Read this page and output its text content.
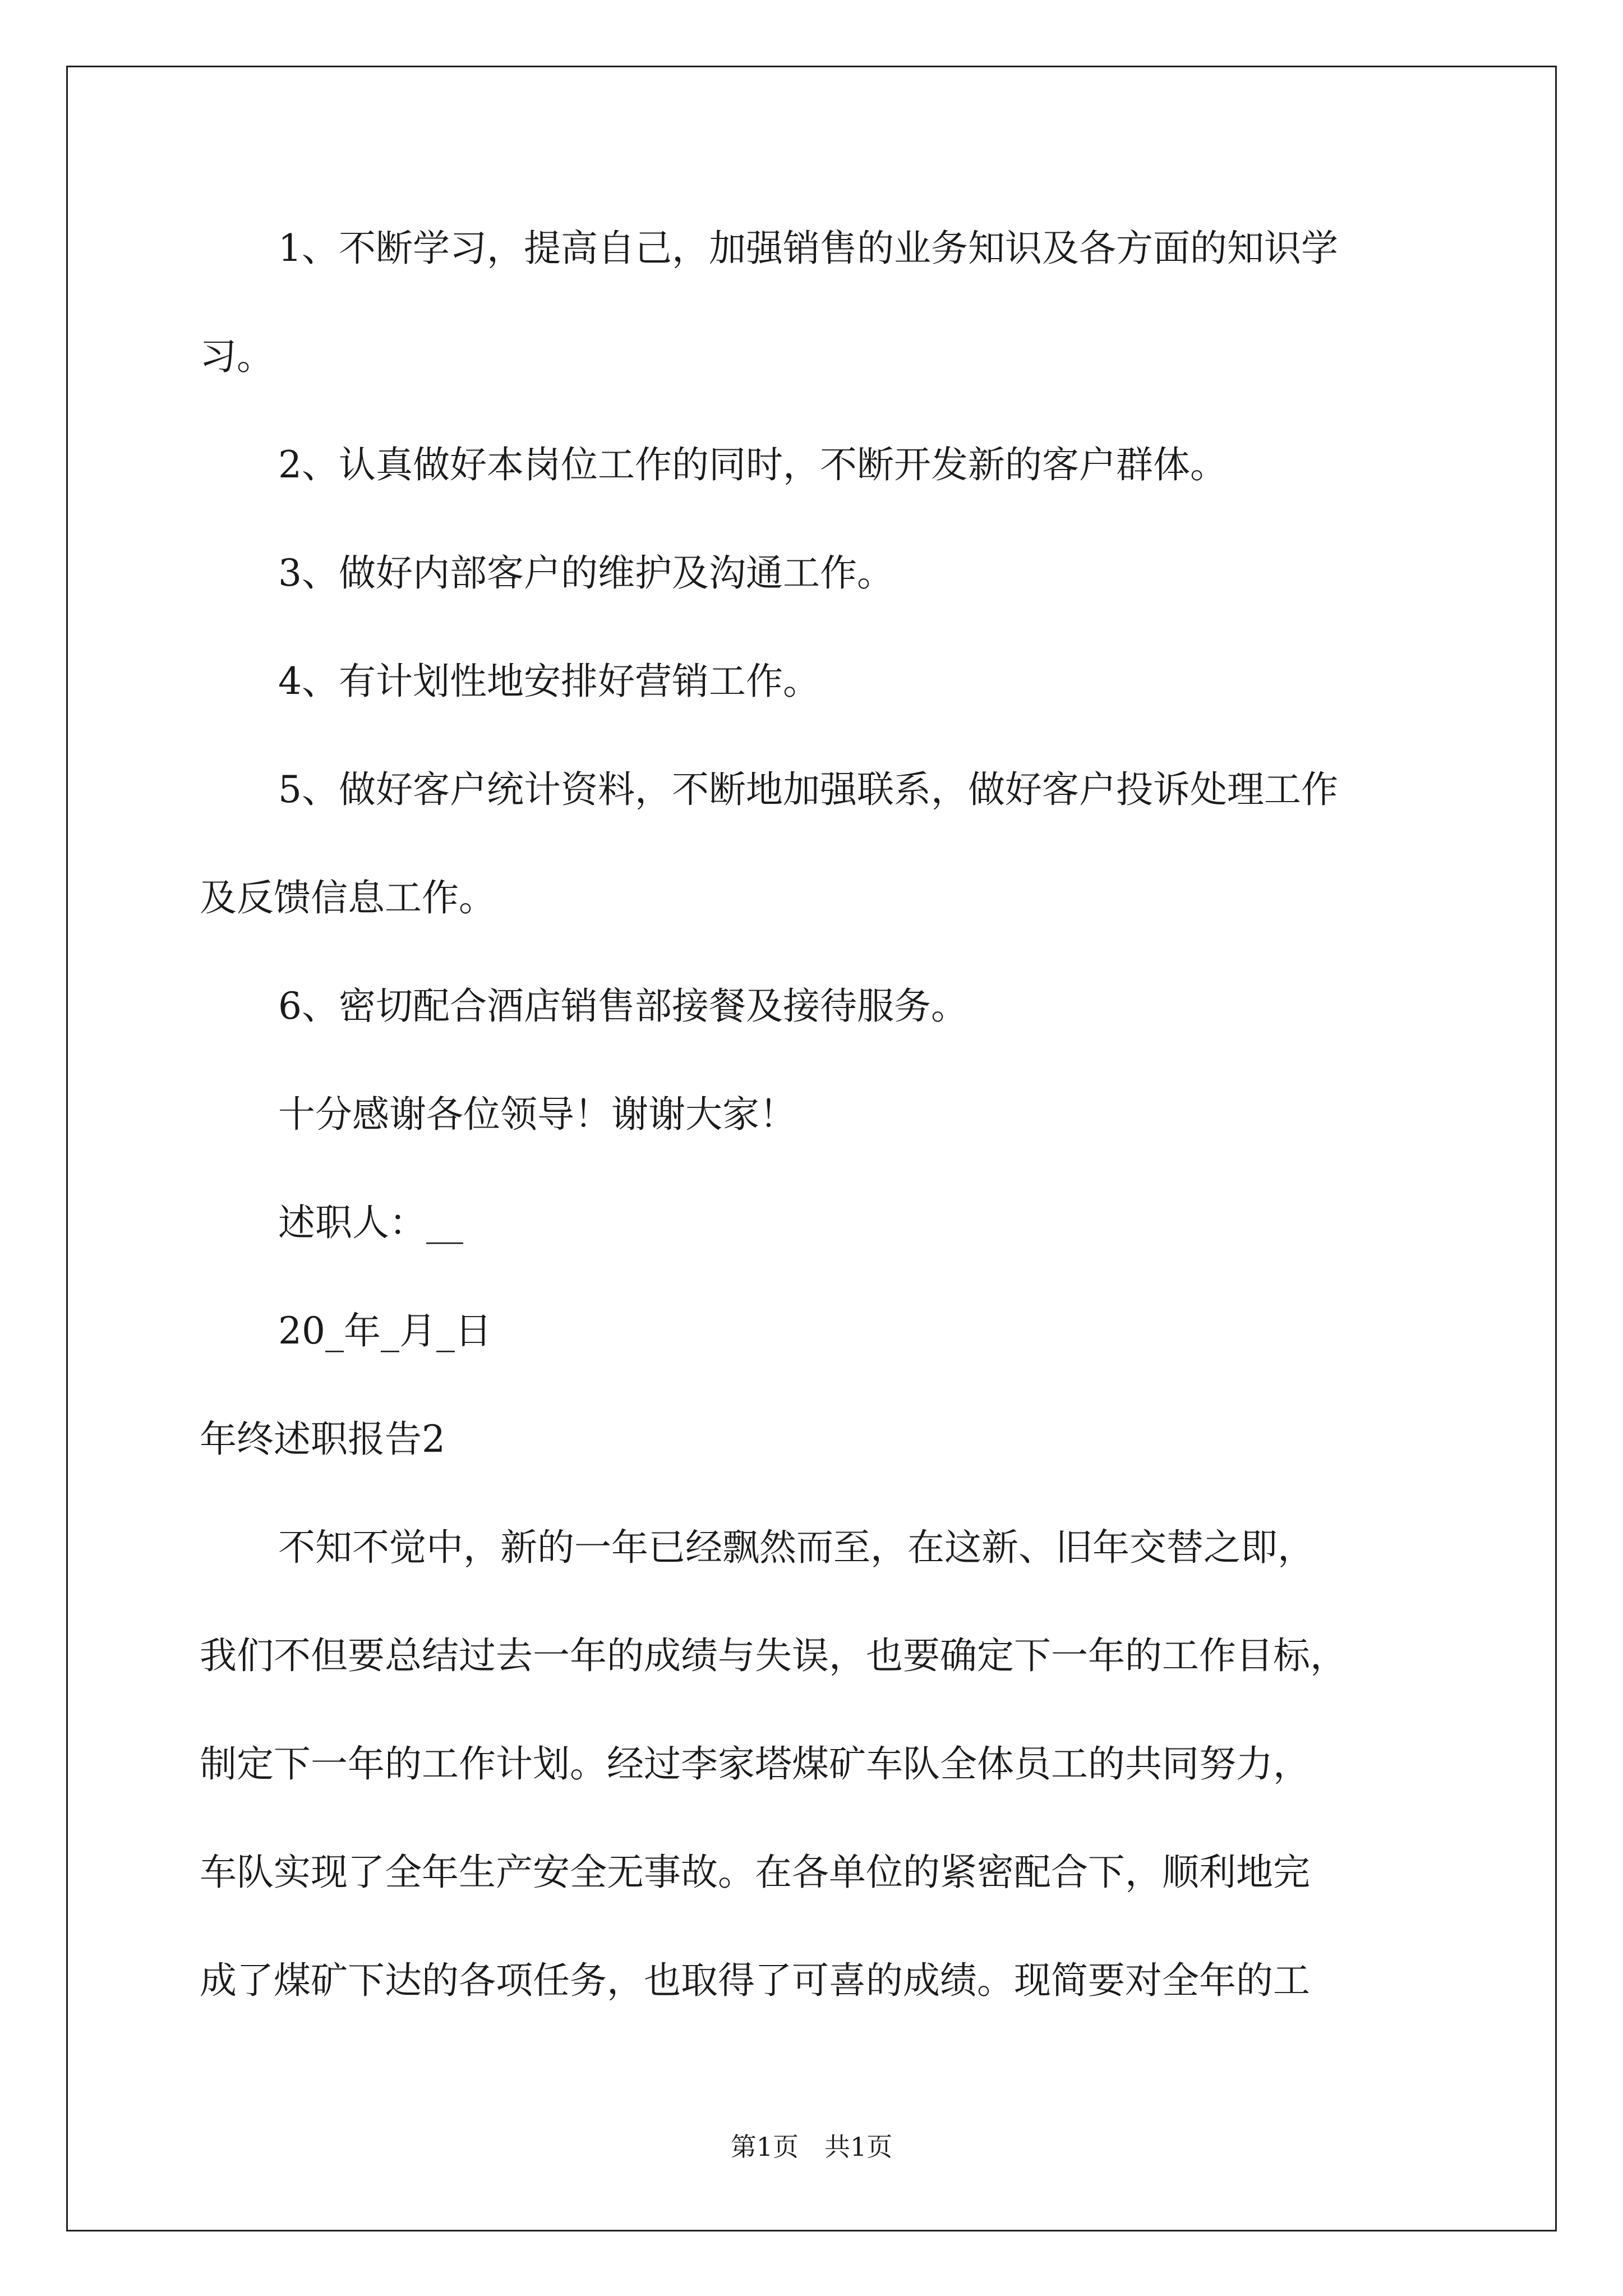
1、不断学习，提高自己，加强销售的业务知识及各方面的知识学
习。
2、认真做好本岗位工作的同时，不断开发新的客户群体。
3、做好内部客户的维护及沟通工作。
4、有计划性地安排好营销工作。
5、做好客户统计资料，不断地加强联系，做好客户投诉处理工作
及反馈信息工作。
6、密切配合酒店销售部接餐及接待服务。
十分感谢各位领导！谢谢大家！
述职人：__
20_年_月_日
年终述职报告2
不知不觉中，新的一年已经飘然而至，在这新、旧年交替之即，
我们不但要总结过去一年的成绩与失误，也要确定下一年的工作目标，
制定下一年的工作计划。经过李家塔煤矿车队全体员工的共同努力，
车队实现了全年生产安全无事故。在各单位的紧密配合下，顺利地完
成了煤矿下达的各项任务，也取得了可喜的成绩。现简要对全年的工
第1页　共1页
